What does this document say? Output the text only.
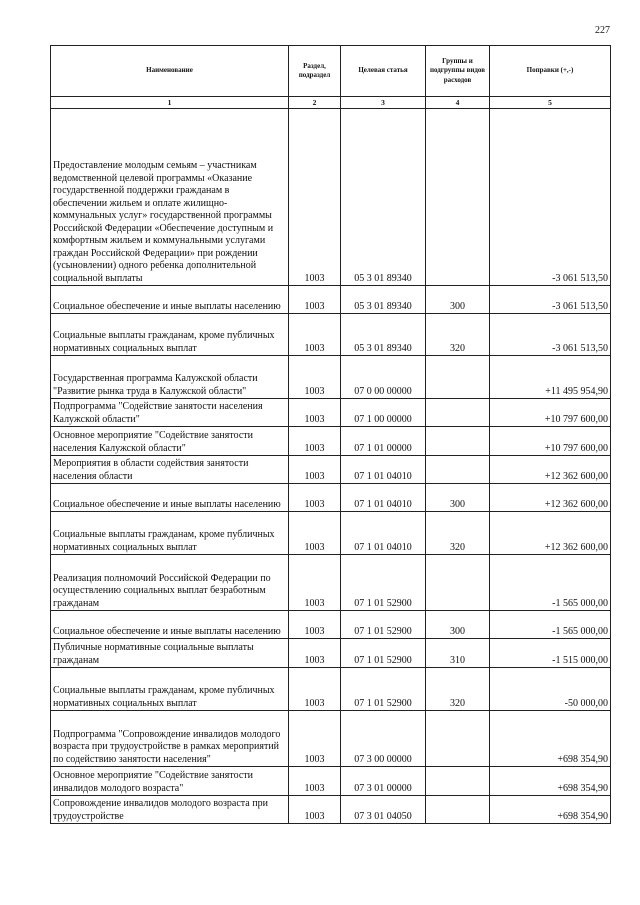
227
Наименование	Раздел, подраздел	Целевая статья	Группы и подгруппы видов расходов	Поправки (+,-)
1	2	3	4	5
Предоставление молодым семьям – участникам ведомственной целевой программы «Оказание государственной поддержки гражданам в обеспечении жильем и оплате жилищно-коммунальных услуг» государственной программы Российской Федерации «Обеспечение доступным и комфортным жильем и коммунальными услугами граждан Российской Федерации» при рождении (усыновлении) одного ребенка дополнительной социальной выплаты	1003	05 3 01 89340		-3 061 513,50
Социальное обеспечение и иные выплаты населению	1003	05 3 01 89340	300	-3 061 513,50
Социальные выплаты гражданам, кроме публичных нормативных социальных выплат	1003	05 3 01 89340	320	-3 061 513,50
Государственная программа Калужской области "Развитие рынка труда в Калужской области"	1003	07 0 00 00000		+11 495 954,90
Подпрограмма "Содействие занятости населения Калужской области"	1003	07 1 00 00000		+10 797 600,00
Основное мероприятие "Содействие занятости населения Калужской области"	1003	07 1 01 00000		+10 797 600,00
Мероприятия в области содействия занятости населения области	1003	07 1 01 04010		+12 362 600,00
Социальное обеспечение и иные выплаты населению	1003	07 1 01 04010	300	+12 362 600,00
Социальные выплаты гражданам, кроме публичных нормативных социальных выплат	1003	07 1 01 04010	320	+12 362 600,00
Реализация полномочий Российской Федерации по осуществлению социальных выплат безработным гражданам	1003	07 1 01 52900		-1 565 000,00
Социальное обеспечение и иные выплаты населению	1003	07 1 01 52900	300	-1 565 000,00
Публичные нормативные социальные выплаты гражданам	1003	07 1 01 52900	310	-1 515 000,00
Социальные выплаты гражданам, кроме публичных нормативных социальных выплат	1003	07 1 01 52900	320	-50 000,00
Подпрограмма "Сопровождение инвалидов молодого возраста при трудоустройстве в рамках мероприятий по содействию занятости населения"	1003	07 3 00 00000		+698 354,90
Основное мероприятие "Содействие занятости инвалидов молодого возраста"	1003	07 3 01 00000		+698 354,90
Сопровождение инвалидов молодого возраста при трудоустройстве	1003	07 3 01 04050		+698 354,90
